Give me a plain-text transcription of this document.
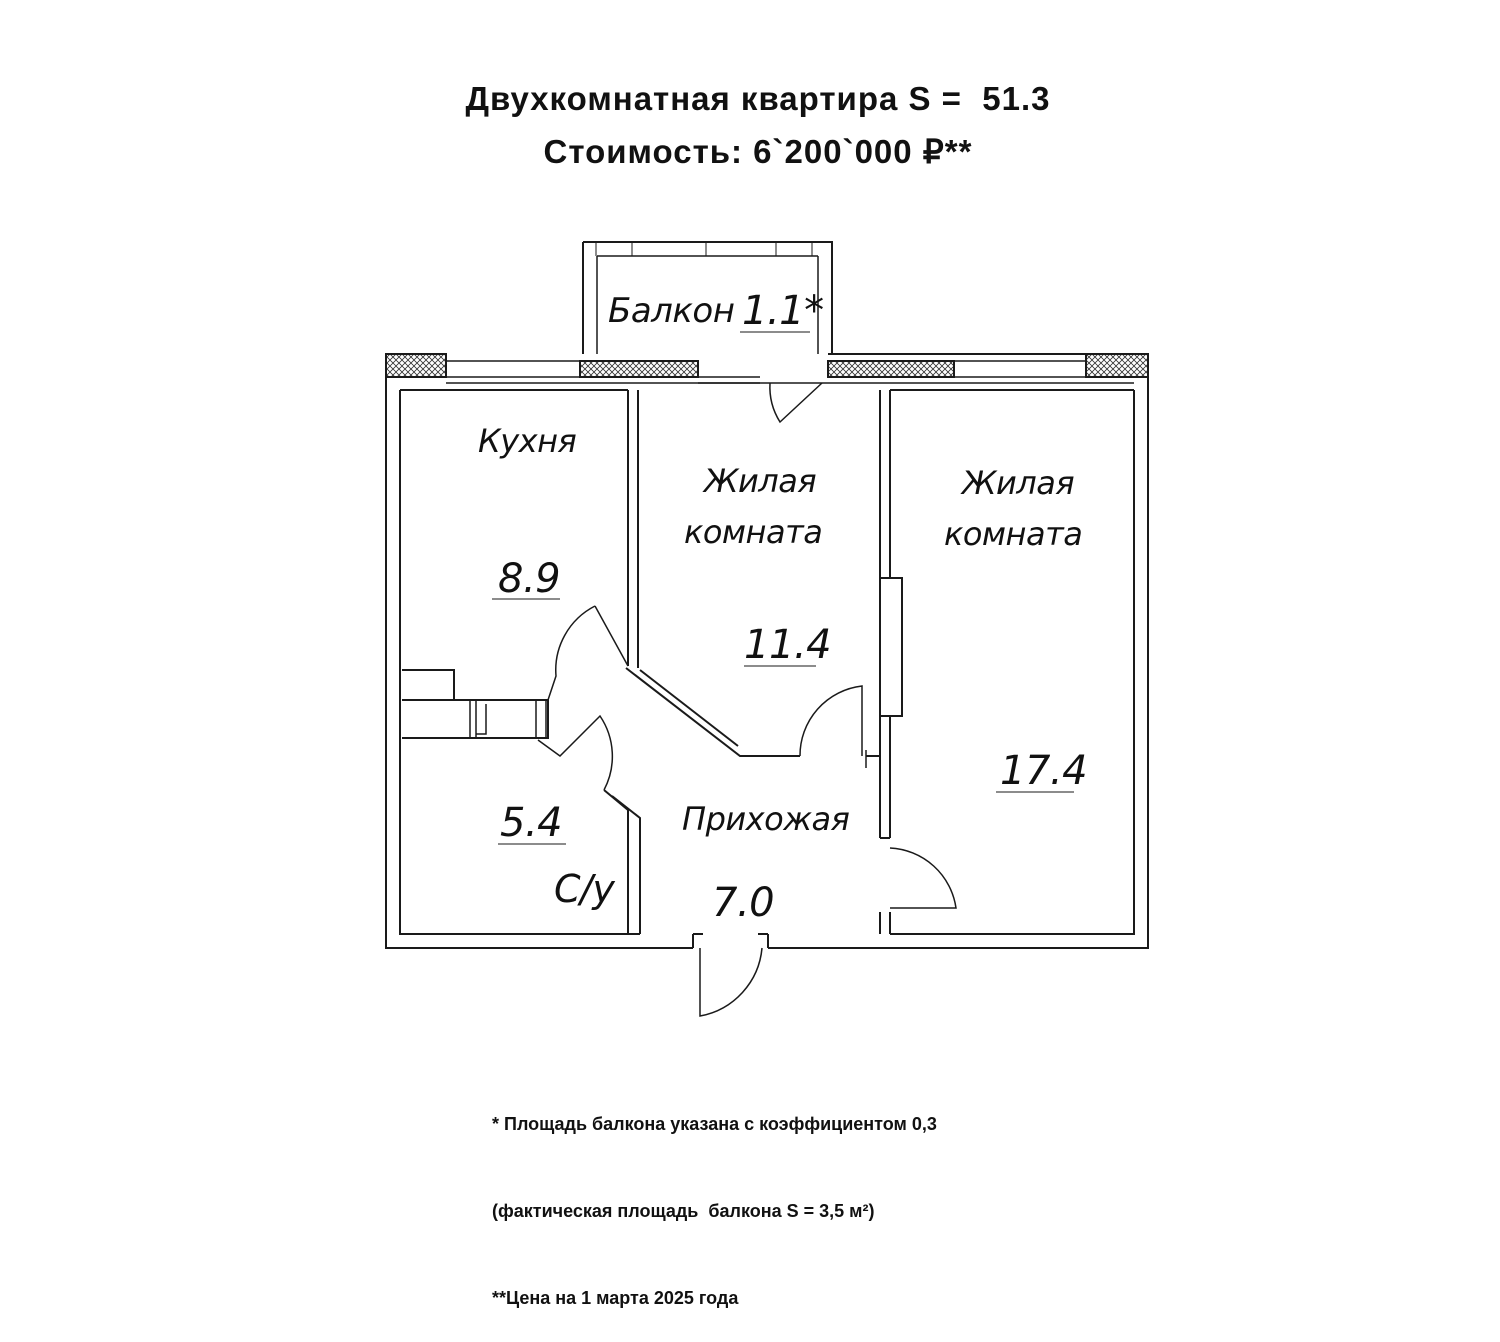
Двухкомнатная квартира S =  51.3
Стоимость: 6`200`000 ₽**
Балкон 1.1*
Кухня
8.9
Жилая
комната
11.4
Жилая
комната
17.4
5.4
С/у
Прихожая
7.0

* Площадь балкона указана с коэффициентом 0,3

(фактическая площадь  балкона S = 3,5 м²)

**Цена на 1 марта 2025 года
